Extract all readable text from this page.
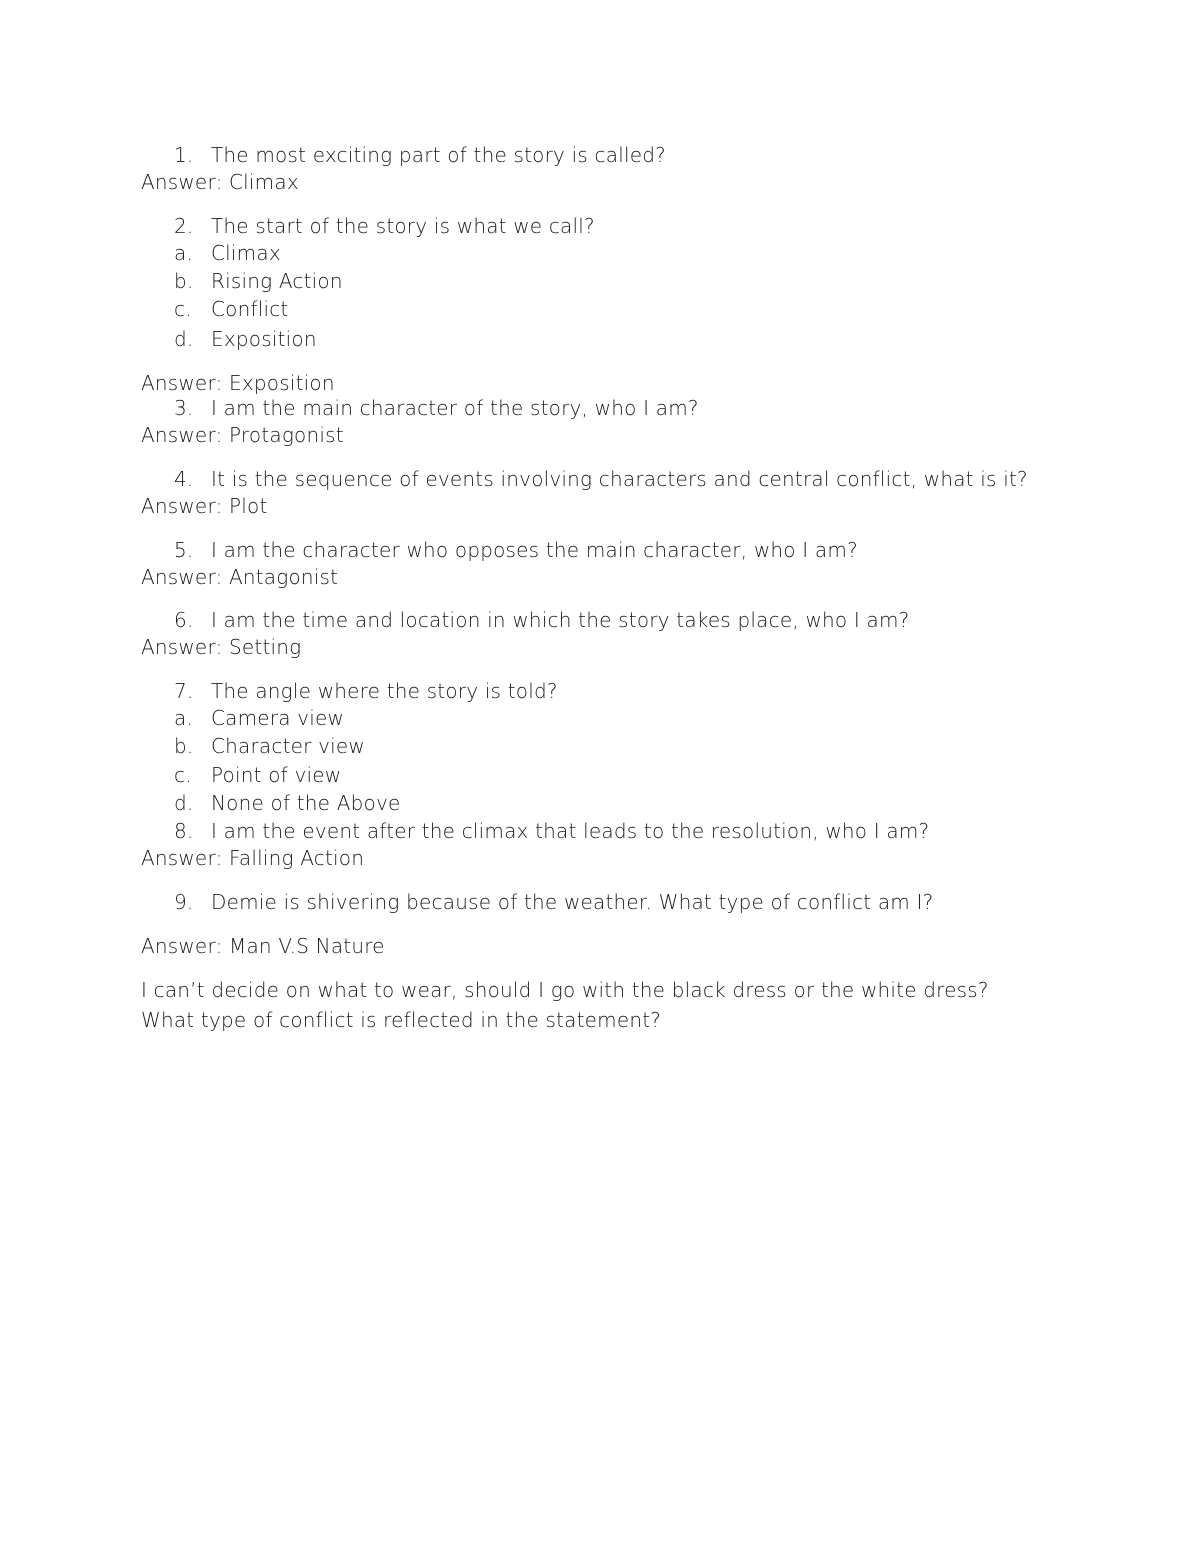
1. The most exciting part of the story is called?
Answer: Climax
2. The start of the story is what we call?
a. Climax
b. Rising Action
c. Conflict
d. Exposition
Answer: Exposition
3. I am the main character of the story, who I am?
Answer: Protagonist
4. It is the sequence of events involving characters and central conflict, what is it?
Answer: Plot
5. I am the character who opposes the main character, who I am?
Answer: Antagonist
6. I am the time and location in which the story takes place, who I am?
Answer: Setting
7. The angle where the story is told?
a. Camera view
b. Character view
c. Point of view
d. None of the Above
8. I am the event after the climax that leads to the resolution, who I am?
Answer: Falling Action
9. Demie is shivering because of the weather. What type of conflict am I?
Answer: Man V.S Nature
I can’t decide on what to wear, should I go with the black dress or the white dress?
What type of conflict is reflected in the statement?
